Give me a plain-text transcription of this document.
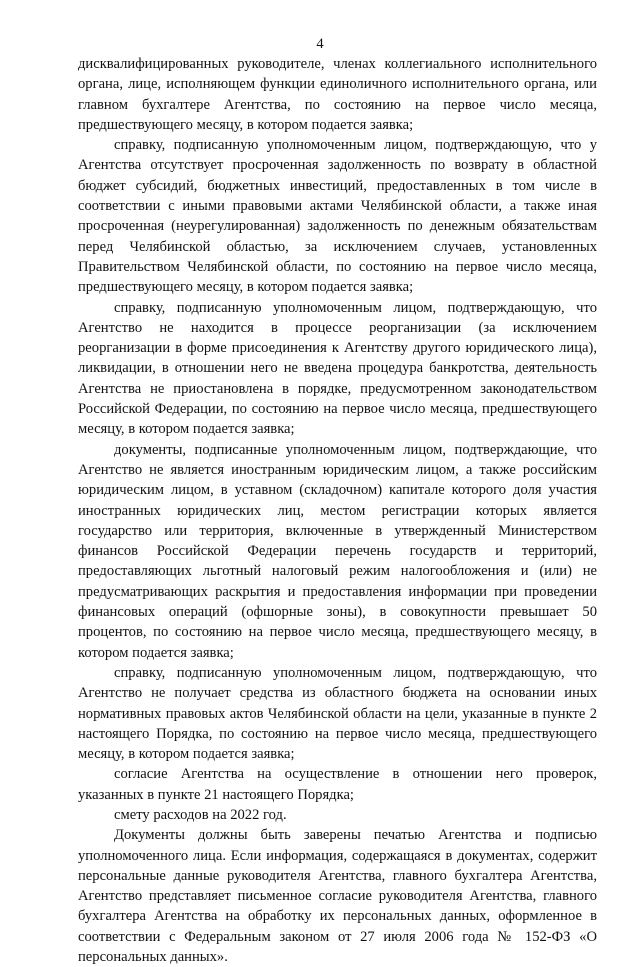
4

дисквалифицированных руководителе, членах коллегиального исполнительного органа, лице, исполняющем функции единоличного исполнительного органа, или главном бухгалтере Агентства, по состоянию на первое число месяца, предшествующего месяцу, в котором подается заявка;

справку, подписанную уполномоченным лицом, подтверждающую, что у Агентства отсутствует просроченная задолженность по возврату в областной бюджет субсидий, бюджетных инвестиций, предоставленных в том числе в соответствии с иными правовыми актами Челябинской области, а также иная просроченная (неурегулированная) задолженность по денежным обязательствам перед Челябинской областью, за исключением случаев, установленных Правительством Челябинской области, по состоянию на первое число месяца, предшествующего месяцу, в котором подается заявка;

справку, подписанную уполномоченным лицом, подтверждающую, что Агентство не находится в процессе реорганизации (за исключением реорганизации в форме присоединения к Агентству другого юридического лица), ликвидации, в отношении него не введена процедура банкротства, деятельность Агентства не приостановлена в порядке, предусмотренном законодательством Российской Федерации, по состоянию на первое число месяца, предшествующего месяцу, в котором подается заявка;

документы, подписанные уполномоченным лицом, подтверждающие, что Агентство не является иностранным юридическим лицом, а также российским юридическим лицом, в уставном (складочном) капитале которого доля участия иностранных юридических лиц, местом регистрации которых является государство или территория, включенные в утвержденный Министерством финансов Российской Федерации перечень государств и территорий, предоставляющих льготный налоговый режим налогообложения и (или) не предусматривающих раскрытия и предоставления информации при проведении финансовых операций (офшорные зоны), в совокупности превышает 50 процентов, по состоянию на первое число месяца, предшествующего месяцу, в котором подается заявка;

справку, подписанную уполномоченным лицом, подтверждающую, что Агентство не получает средства из областного бюджета на основании иных нормативных правовых актов Челябинской области на цели, указанные в пункте 2 настоящего Порядка, по состоянию на первое число месяца, предшествующего месяцу, в котором подается заявка;

согласие Агентства на осуществление в отношении него проверок, указанных в пункте 21 настоящего Порядка;

смету расходов на 2022 год.

Документы должны быть заверены печатью Агентства и подписью уполномоченного лица. Если информация, содержащаяся в документах, содержит персональные данные руководителя Агентства, главного бухгалтера Агентства, Агентство представляет письменное согласие руководителя Агентства, главного бухгалтера Агентства на обработку их персональных данных, оформленное в соответствии с Федеральным законом от 27 июля 2006 года № 152-ФЗ «О персональных данных».
